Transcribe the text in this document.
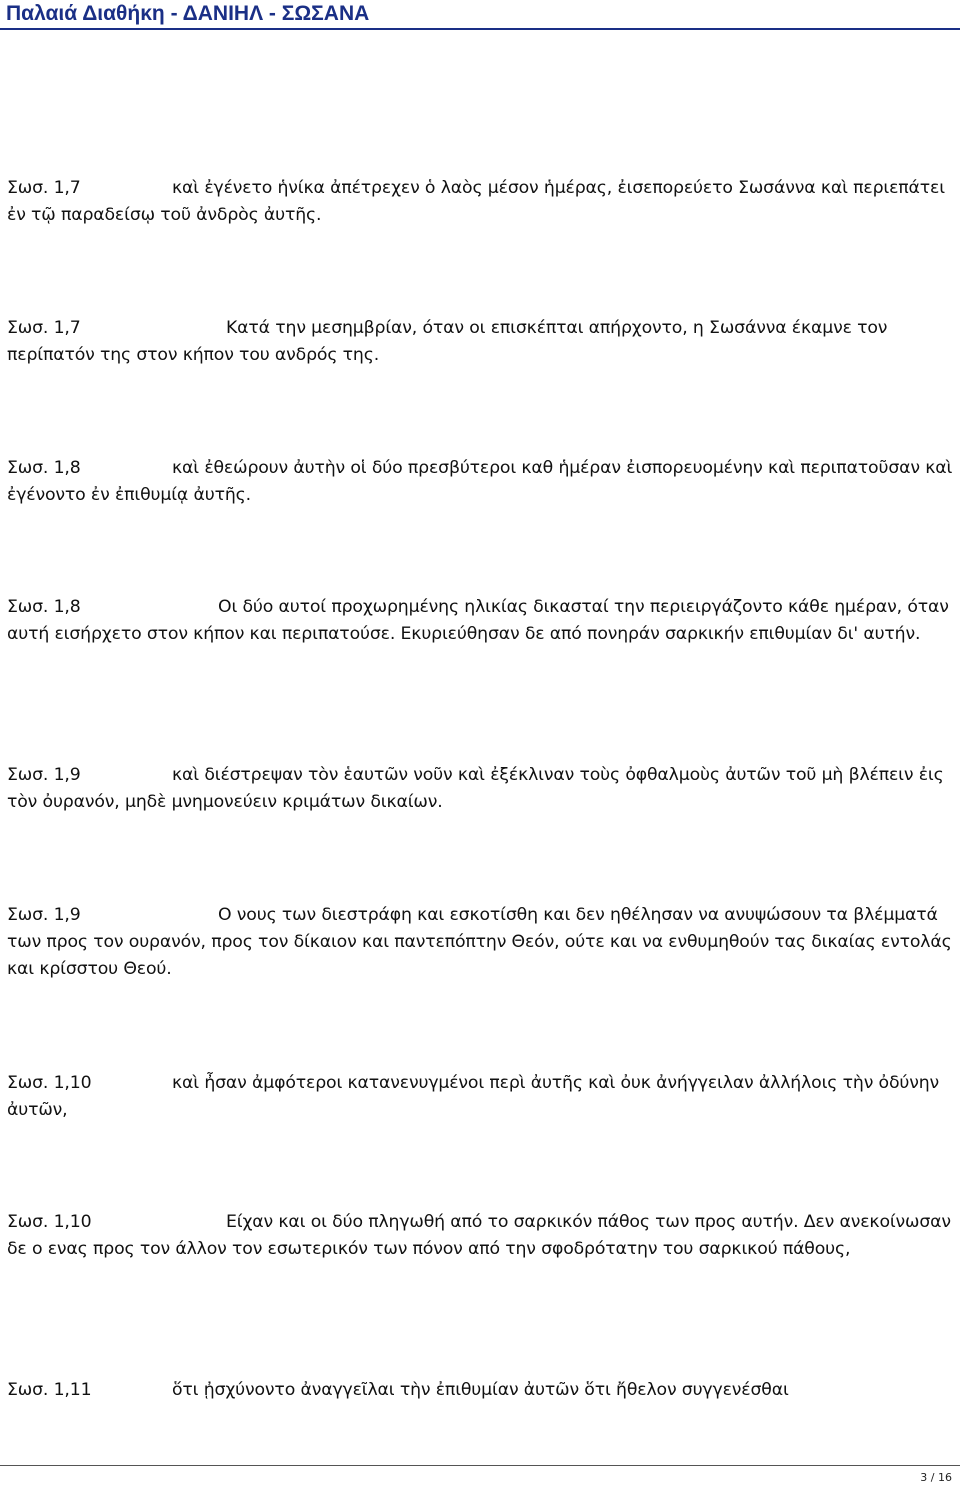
Παλαιά Διαθήκη - ΔΑΝΙΗΛ - ΣΩΣΑΝΑ

Σωσ. 1,7	καὶ ἐγένετο ἡνίκα ἀπέτρεχεν ὁ λαὸς μέσον ἡμέρας, ἐισεπορεύετο Σωσάννα καὶ περιεπάτει ἐν τῷ παραδείσῳ τοῦ ἀνδρὸς ἀυτῆς.

Σωσ. 1,7	Κατά την μεσημβρίαν, όταν οι επισκέπται απήρχοντο, η Σωσάννα έκαμνε τον περίπατόν της στον κήπον του ανδρός της.

Σωσ. 1,8	καὶ ἐθεώρουν ἀυτὴν οἱ δύο πρεσβύτεροι καθ ἡμέραν ἐισπορευομένην καὶ περιπατοῦσαν καὶ ἐγένοντο ἐν ἐπιθυμίᾳ ἀυτῆς.

Σωσ. 1,8	Οι δύο αυτοί προχωρημένης ηλικίας δικασταί την περιειργάζοντο κάθε ημέραν, όταν αυτή εισήρχετο στον κήπον και περιπατούσε. Εκυριεύθησαν δε από πονηράν σαρκικήν επιθυμίαν δι' αυτήν.

Σωσ. 1,9	καὶ διέστρεψαν τὸν ἑαυτῶν νοῦν καὶ ἐξέκλιναν τοὺς ὀφθαλμοὺς ἀυτῶν τοῦ μὴ βλέπειν ἐις τὸν ὀυρανόν, μηδὲ μνημονεύειν κριμάτων δικαίων.

Σωσ. 1,9	Ο νους των διεστράφη και εσκοτίσθη και δεν ηθέλησαν να ανυψώσουν τα βλέμματά των προς τον ουρανόν, προς τον δίκαιον και παντεπόπτην Θεόν, ούτε και να ενθυμηθούν τας δικαίας εντολάς και κρίσστου Θεού.

Σωσ. 1,10	καὶ ἦσαν ἀμφότεροι κατανενυγμένοι περὶ ἀυτῆς καὶ ὀυκ ἀνήγγειλαν ἀλλήλοις τὴν ὀδύνην ἀυτῶν,

Σωσ. 1,10	Είχαν και οι δύο πληγωθή από το σαρκικόν πάθος των προς αυτήν. Δεν ανεκοίνωσαν δε ο ενας προς τον άλλον τον εσωτερικόν των πόνον από την σφοδρότατην του σαρκικού πάθους,

Σωσ. 1,11	ὅτι ᾐσχύνοντο ἀναγγεῖλαι τὴν ἐπιθυμίαν ἀυτῶν ὅτι ἤθελον συγγενέσθαι

3 / 16
